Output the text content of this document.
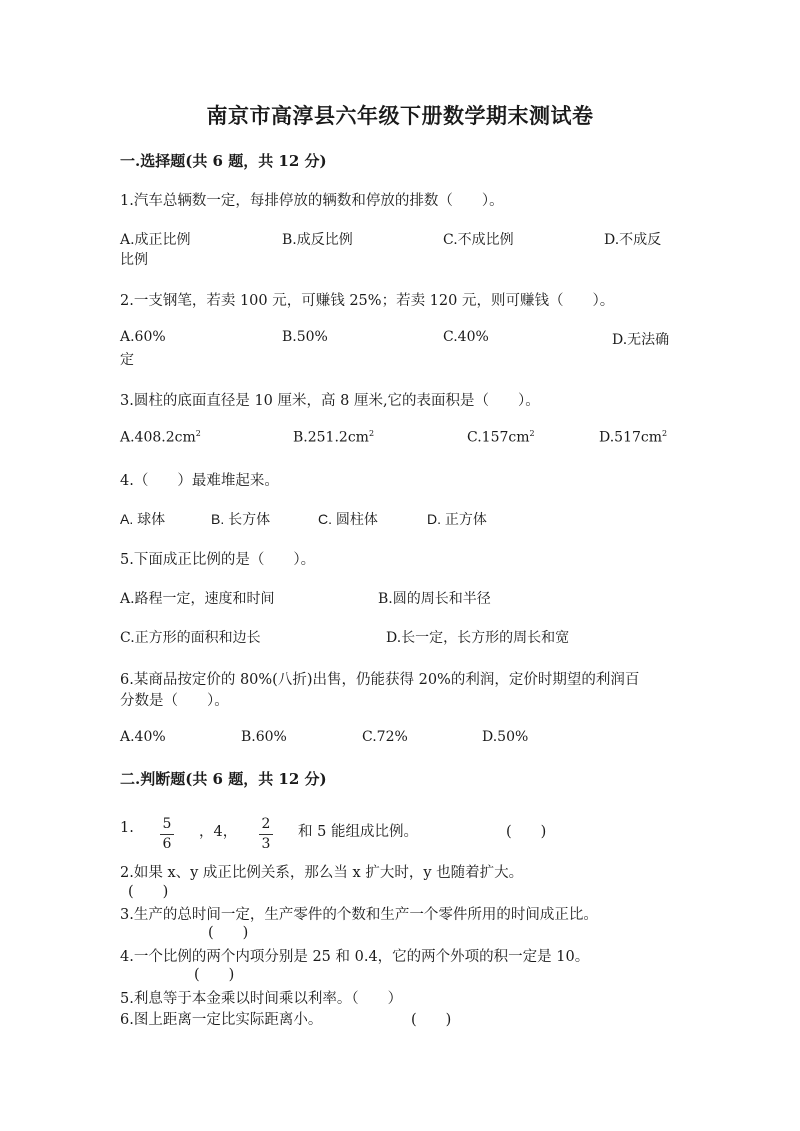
南京市高淳县六年级下册数学期末测试卷
一.选择题(共 6 题，共 12 分)
1.汽车总辆数一定，每排停放的辆数和停放的排数（　　）。
A.成正比例	B.成反比例	C.不成比例	D.不成反
比例
2.一支钢笔，若卖 100 元，可赚钱 25%；若卖 120 元，则可赚钱（　　）。
A.60%	B.50%	C.40%	D.无法确
定
3.圆柱的底面直径是 10 厘米，高 8 厘米,它的表面积是（　　）。
$A.408.2cm^2$	$B.251.2cm^2$	$C.157cm^2$	$D.517cm^2$
4.（　　）最难堆起来。
A. 球体	B. 长方体	C. 圆柱体	D. 正方体
5.下面成正比例的是（　　）。
A.路程一定，速度和时间	B.圆的周长和半径
C.正方形的面积和边长	D.长一定，长方形的周长和宽
6.某商品按定价的 80%(八折)出售，仍能获得 20%的利润，定价时期望的利润百
分数是（　　）。
A.40%	B.60%	C.72%	D.50%
二.判断题(共 6 题，共 12 分)
1. $\frac{5}{6}$ ，4， $\frac{2}{3}$ 和 5 能组成比例。	(　　)
2.如果 x、y 成正比例关系，那么当 x 扩大时，y 也随着扩大。
(　　)
3.生产的总时间一定，生产零件的个数和生产一个零件所用的时间成正比。
(　　)
4.一个比例的两个内项分别是 25 和 0.4，它的两个外项的积一定是 10。
(　　)
5.利息等于本金乘以时间乘以利率。（　　）
6.图上距离一定比实际距离小。	(　　)
